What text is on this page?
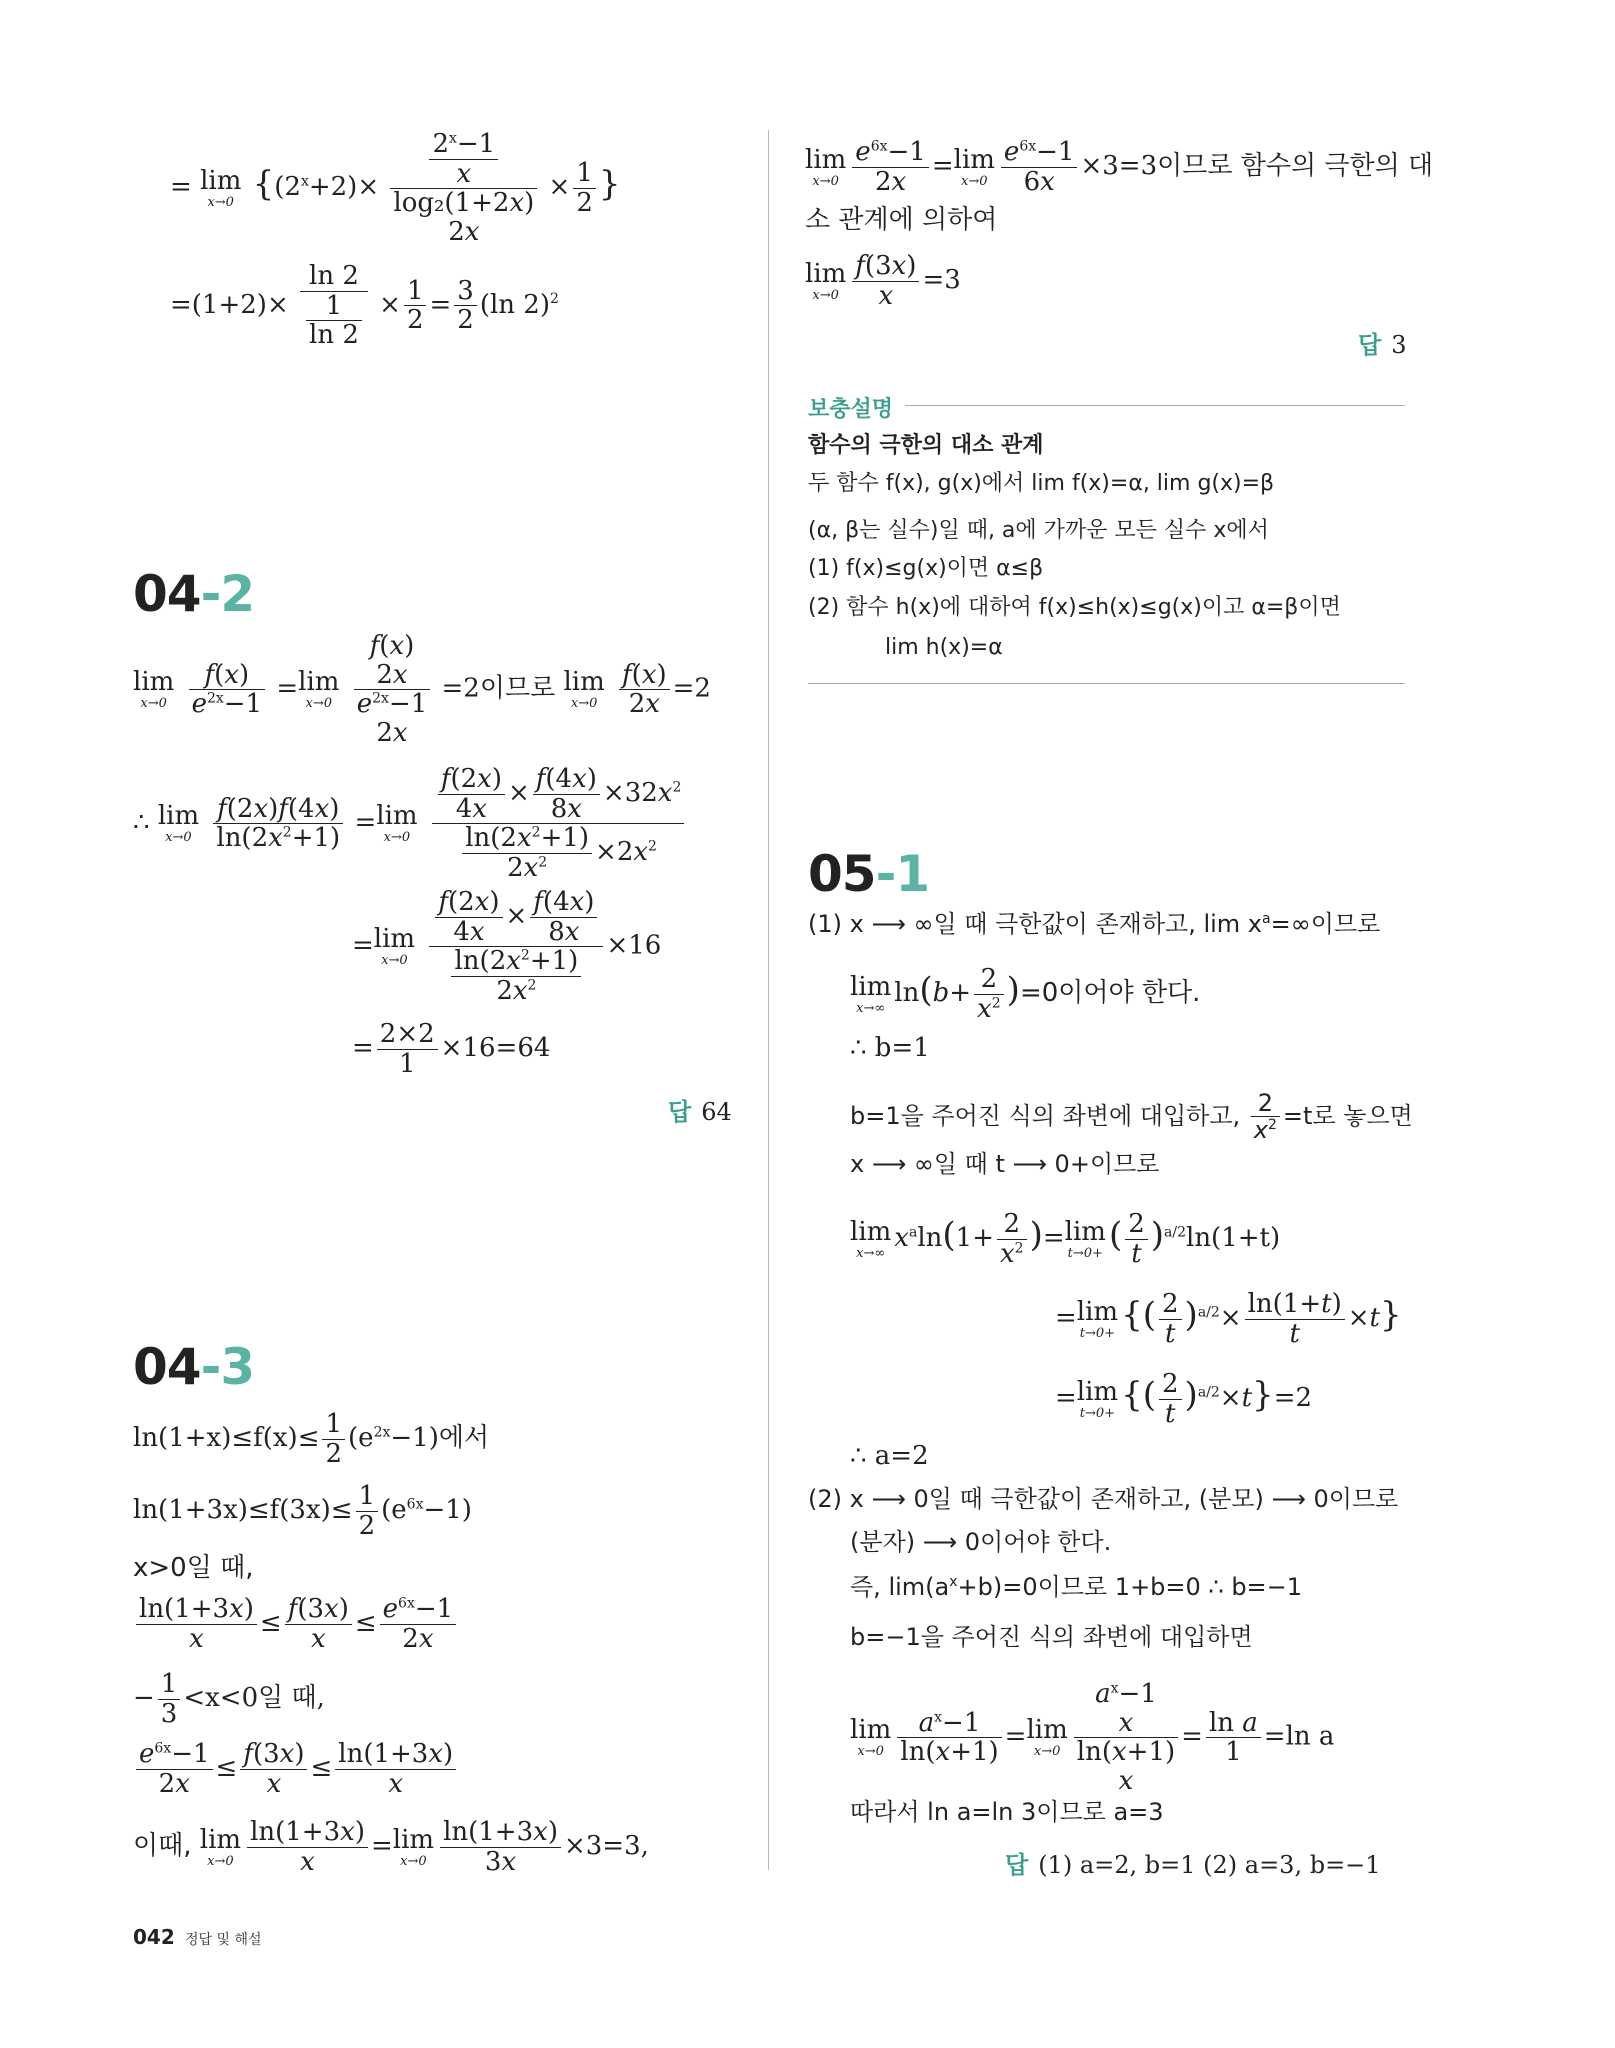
= lim
x→0 {$(2^x+2)\times \frac{2^x-1}{x}$
log₂(1+2x)
2x
× $\frac{1}{2}$ }
$=(1+2)\times \frac{\ln 2}{\frac{1}{\ln 2}} \times \frac{1}{2} = \frac{3}{2} (\ln$ 2)$^2$
04-2
lim
x→0
$\frac{f(x)}{e^{2x}-1} =\lim$
x→0

f(x)
2x
$e^{2x}-1$
2x
=2이므로 lim
x→0
$\frac{f(x)}{2x} =2$
∴ lim
x→0
$\frac{f(2x)f(4x)}{\ln(2x^2+1)} =\lim$
x→0
$\frac{\frac{f(2x)}{4x} \times \frac{f(4x)}{8x} \times 32x^2}{\frac{\ln(2x^2+1)}{2x^2} \times 2x^2}$
=lim
x→0
$\frac{\frac{f(2x)}{4x} \times \frac{f(4x)}{8x}}{\frac{\ln(2x^2+1)}{2x^2}} \times 16$
= $\frac{2\times 2}{1} \times 16=64$
답 64
04-3
$\ln(1+x)\le f(x)\le \frac{1}{2} (e^{2x}-1)$에서
$\ln(1+3x)\le f(3x)\le \frac{1}{2} (e^{6x}-1)$
x>0일 때,
$\frac{\ln(1+3x)}{x} \le \frac{f(3x)}{x} \le \frac{e^{6x}-1}{2x}$
− $\frac{1}{3} <x<0$일 때,
$\frac{e^{6x}-1}{2x} \le \frac{f(3x)}{x} \le \frac{\ln(1+3x)}{x}$
이때, lim
$x\to 0 \frac{\ln(1+3x)}{x} =\lim$
$x\to 0 \frac{\ln(1+3x)}{3x} \times 3=3$,
lim
$x\to 0 \frac{e^{6x}-1}{2x} =\lim$
$x\to 0 \frac{e^{6x}-1}{6x} \times 3=3$이므로 함수의 극한의 대
소 관계에 의하여
lim
$x\to 0 \frac{f(3x)}{x} =3$
답 3
보충설명
함수의 극한의 대소 관계
두 함수 f(x), g(x)에서 lim f(x)=α, lim g(x)=β
(α, β는 실수)일 때, a에 가까운 모든 실수 x에서
(1) f(x)≤g(x)이면 α≤β
(2) 함수 h(x)에 대하여 f(x)≤h(x)≤g(x)이고 α=β이면
lim h(x)=α
05-1
(1) x ⟶ ∞일 때 극한값이 존재하고, $\lim x^a=\infty$이므로
lim
x→∞ $\ln(b+ \frac{2}{x^2} )=0$이어야 한다.
∴ b=1
b=1을 주어진 식의 좌변에 대입하고, $\frac{2}{x^2} =t$로 놓으면
x ⟶ ∞일 때 t ⟶ 0+이므로
lim
x→∞ $x^a\ln(1+ \frac{2}{x^2} )=\lim$
t→0+ ( $\frac{2}{t} )^{a/2}\ln(1+t)$
=lim
t→0+ {( $\frac{2}{t} )^{a/2}\times \frac{\ln(1+t)}{t} \times t$}
=lim
t→0+ {( $\frac{2}{t} )^{a/2}\times t\}=2$
∴ a=2
(2) x ⟶ 0일 때 극한값이 존재하고, (분모) ⟶ 0이므로
(분자) ⟶ 0이어야 한다.
즉, $\lim(a^x+b)=0$이므로 1+b=0 ∴ b=−1
b=−1을 주어진 식의 좌변에 대입하면
lim
$x\to 0 \frac{a^x-1}{\ln(x+1)} =\lim$
x→0
$a^x-1$
x
ln(x+1)
x
= $\frac{\text{ln a}}{1} =\ln$ a
따라서 ln a=ln 3이므로 a=3
답 (1) a=2, b=1 (2) a=3, b=−1
042 정답 및 해설
